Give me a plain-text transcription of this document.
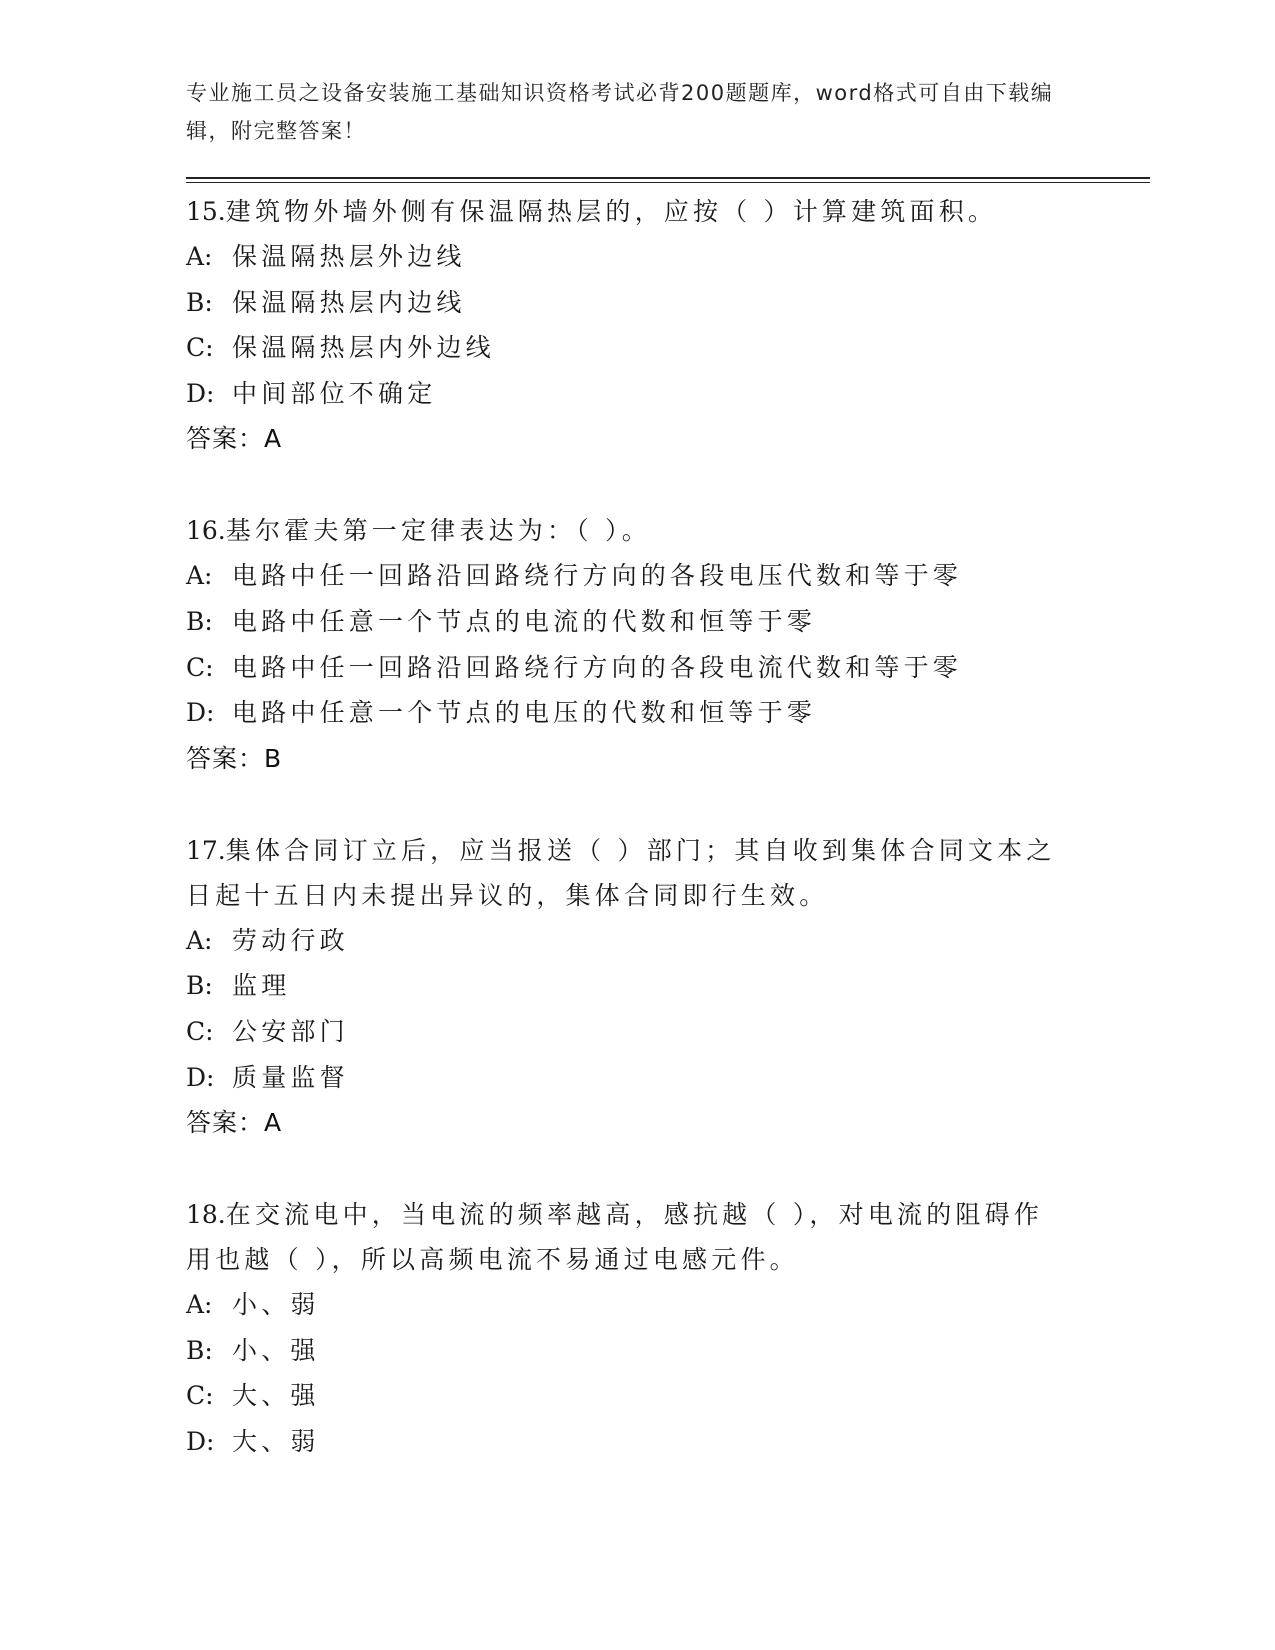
专业施工员之设备安装施工基础知识资格考试必背200题题库，word格式可自由下载编辑，附完整答案！

15.建筑物外墙外侧有保温隔热层的，应按（ ）计算建筑面积。

A: 保温隔热层外边线
B: 保温隔热层内边线
C: 保温隔热层内外边线
D: 中间部位不确定
答案：A

16.基尔霍夫第一定律表达为：（ ）。

A: 电路中任一回路沿回路绕行方向的各段电压代数和等于零
B: 电路中任意一个节点的电流的代数和恒等于零
C: 电路中任一回路沿回路绕行方向的各段电流代数和等于零
D: 电路中任意一个节点的电压的代数和恒等于零
答案：B

17.集体合同订立后，应当报送（ ）部门；其自收到集体合同文本之日起十五日内未提出异议的，集体合同即行生效。

A: 劳动行政
B: 监理
C: 公安部门
D: 质量监督
答案：A

18.在交流电中，当电流的频率越高，感抗越（ ），对电流的阻碍作用也越（ ），所以高频电流不易通过电感元件。

A: 小、弱
B: 小、强
C: 大、强
D: 大、弱
